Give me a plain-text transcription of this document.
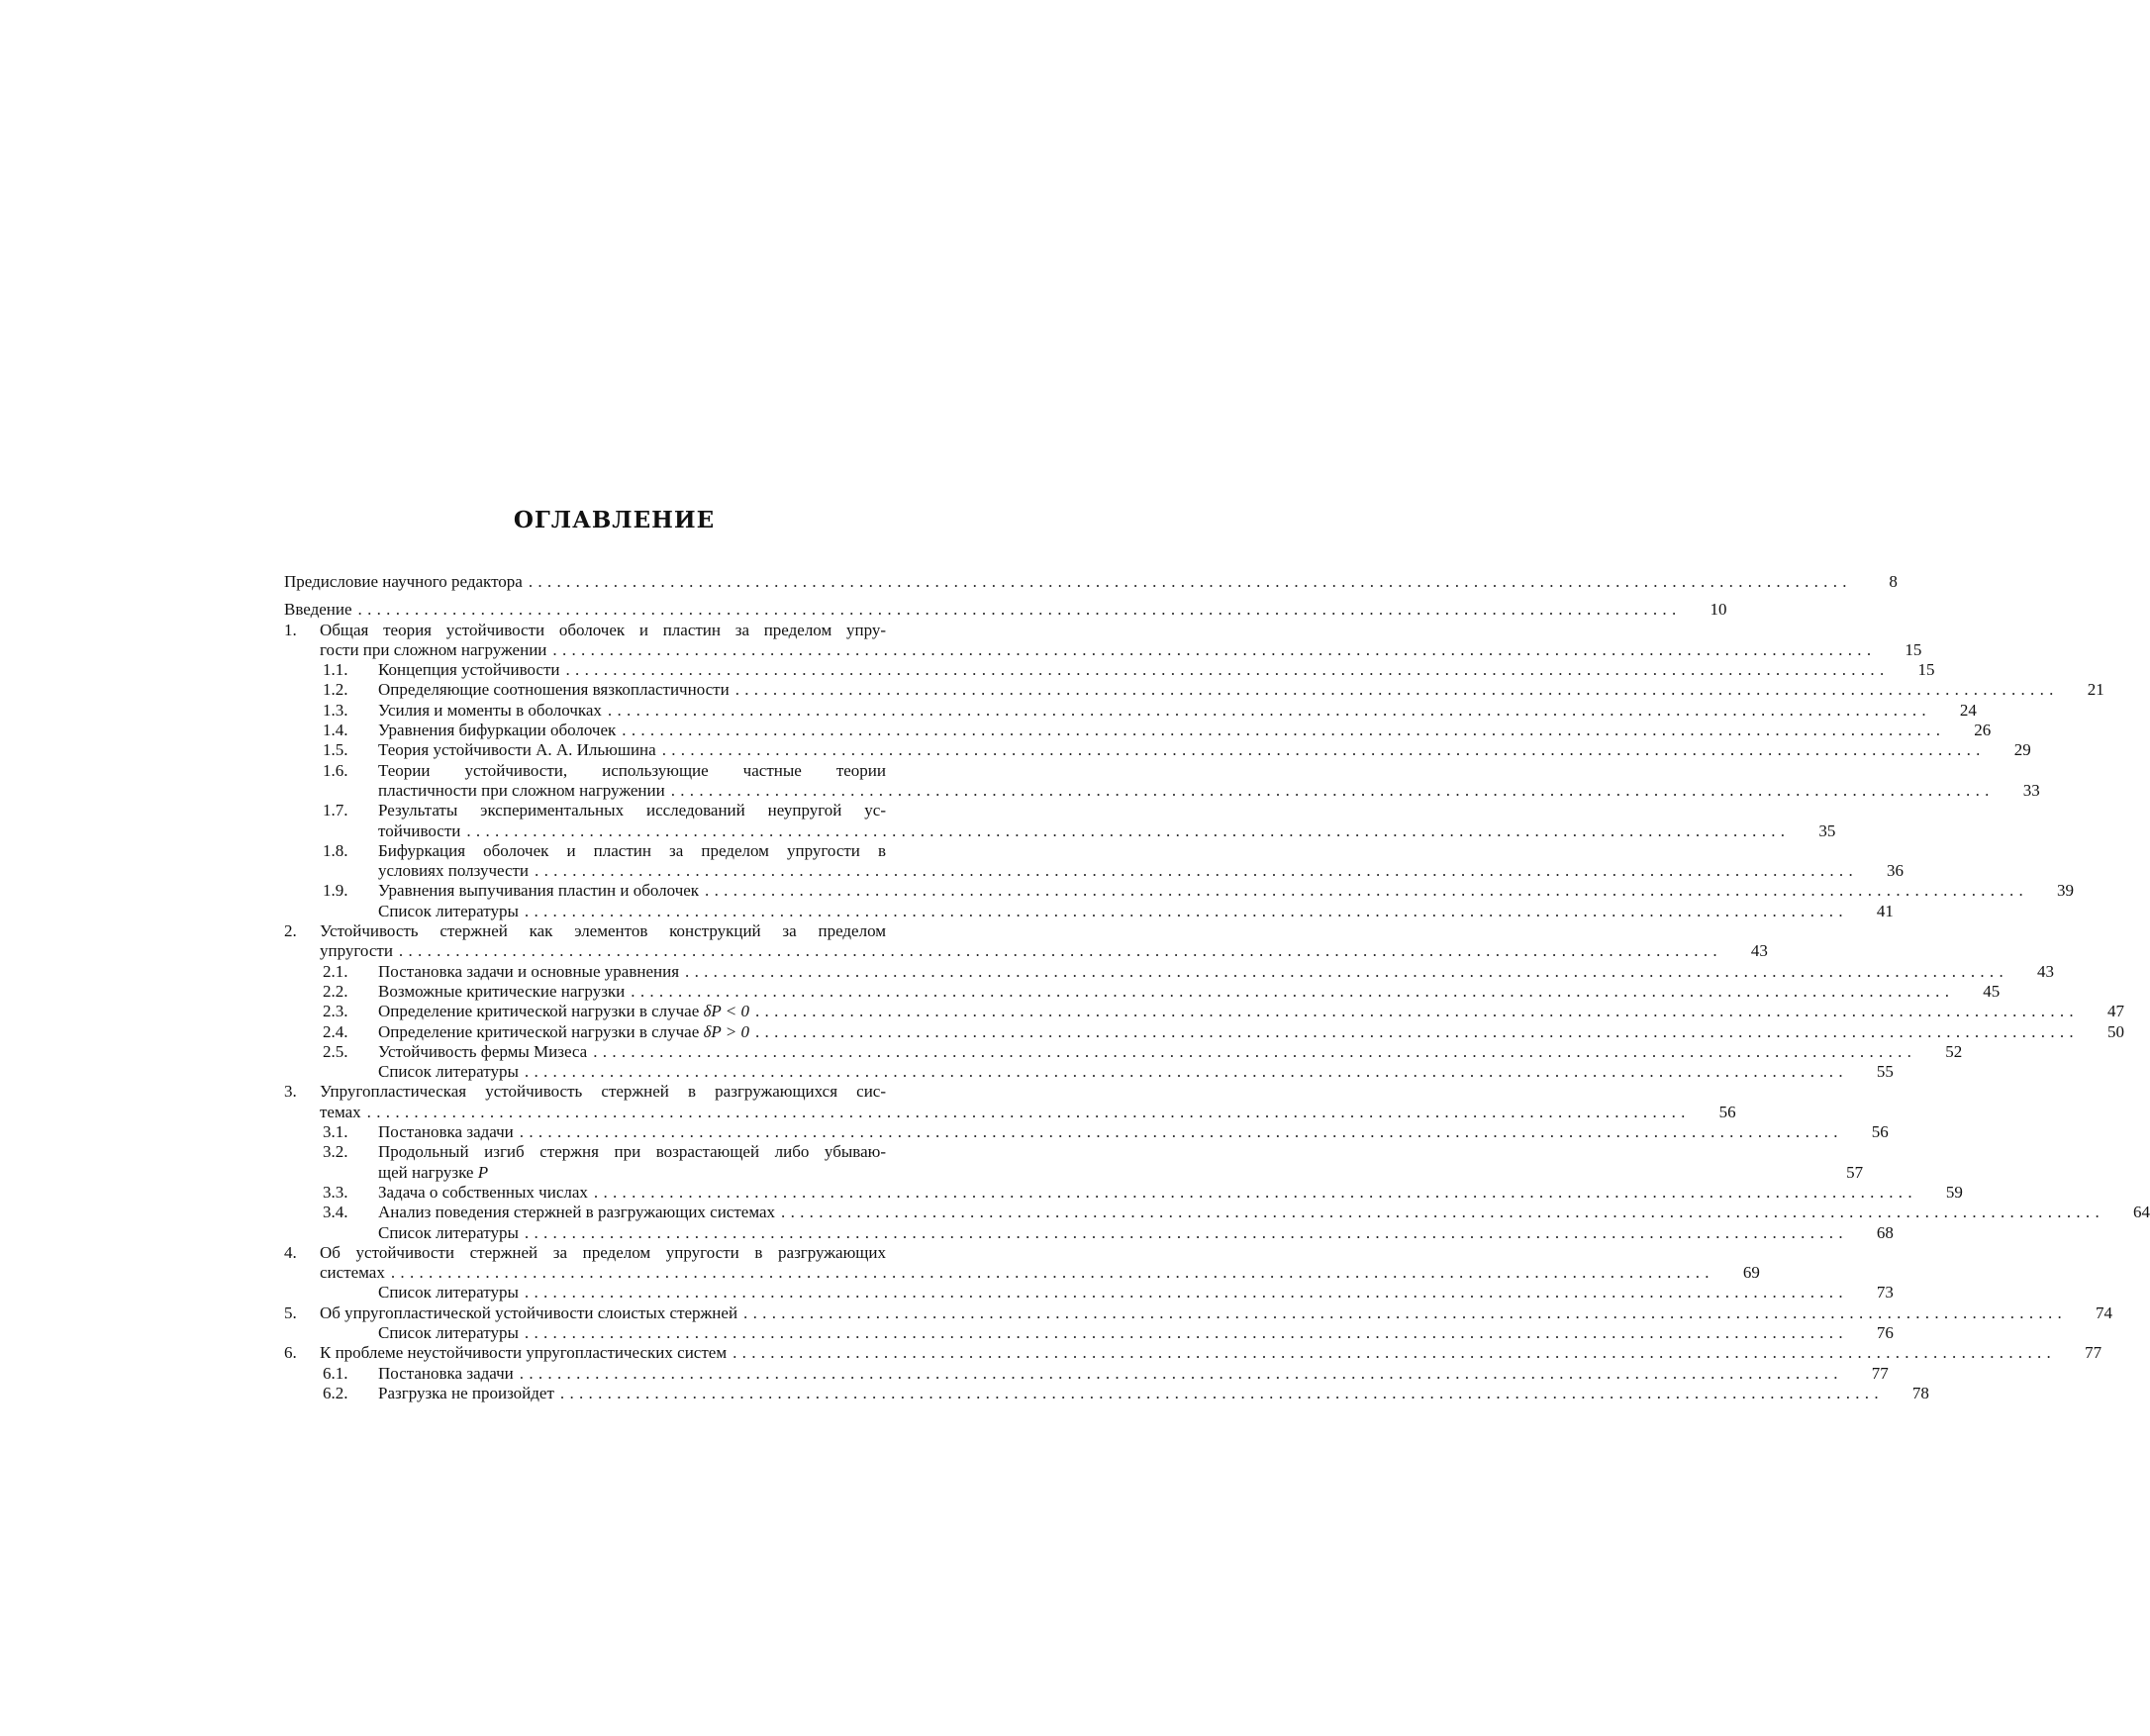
ОГЛАВЛЕНИЕ
Предисловие научного редактора ............................................................................................................................................	8
Введение ............................................................................................................................................	10
1. Общая теория устойчивости оболочек и пластин за пределом упру-
гости при сложном нагружении ............................................................................................................................................	15
1.1. Концепция устойчивости ............................................................................................................................................	15
1.2. Определяющие соотношения вязкопластичности ............................................................................................................................................	21
1.3. Усилия и моменты в оболочках ............................................................................................................................................	24
1.4. Уравнения бифуркации оболочек ............................................................................................................................................	26
1.5. Теория устойчивости А. А. Ильюшина ............................................................................................................................................	29
1.6. Теории устойчивости, использующие частные теории
пластичности при сложном нагружении ............................................................................................................................................	33
1.7. Результаты экспериментальных исследований неупругой ус-
тойчивости ............................................................................................................................................	35
1.8. Бифуркация оболочек и пластин за пределом упругости в
условиях ползучести ............................................................................................................................................	36
1.9. Уравнения выпучивания пластин и оболочек ............................................................................................................................................	39
Список литературы ............................................................................................................................................	41
2. Устойчивость стержней как элементов конструкций за пределом
упругости ............................................................................................................................................	43
2.1. Постановка задачи и основные уравнения ............................................................................................................................................	43
2.2. Возможные критические нагрузки ............................................................................................................................................	45
2.3. Определение критической нагрузки в случае δP < 0 ............................................................................................................................................	47
2.4. Определение критической нагрузки в случае δP > 0 ............................................................................................................................................	50
2.5. Устойчивость фермы Мизеса ............................................................................................................................................	52
Список литературы ............................................................................................................................................	55
3. Упругопластическая устойчивость стержней в разгружающихся сис-
темах ............................................................................................................................................	56
3.1. Постановка задачи ............................................................................................................................................	56
3.2. Продольный изгиб стержня при возрастающей либо убываю-
щей нагрузке P	57
3.3. Задача о собственных числах ............................................................................................................................................	59
3.4. Анализ поведения стержней в разгружающих системах ............................................................................................................................................	64
Список литературы ............................................................................................................................................	68
4. Об устойчивости стержней за пределом упругости в разгружающих
системах ............................................................................................................................................	69
Список литературы ............................................................................................................................................	73
5. Об упругопластической устойчивости слоистых стержней ............................................................................................................................................	74
Список литературы ............................................................................................................................................	76
6. К проблеме неустойчивости упругопластических систем ............................................................................................................................................	77
6.1. Постановка задачи ............................................................................................................................................	77
6.2. Разгрузка не произойдет ............................................................................................................................................	78
